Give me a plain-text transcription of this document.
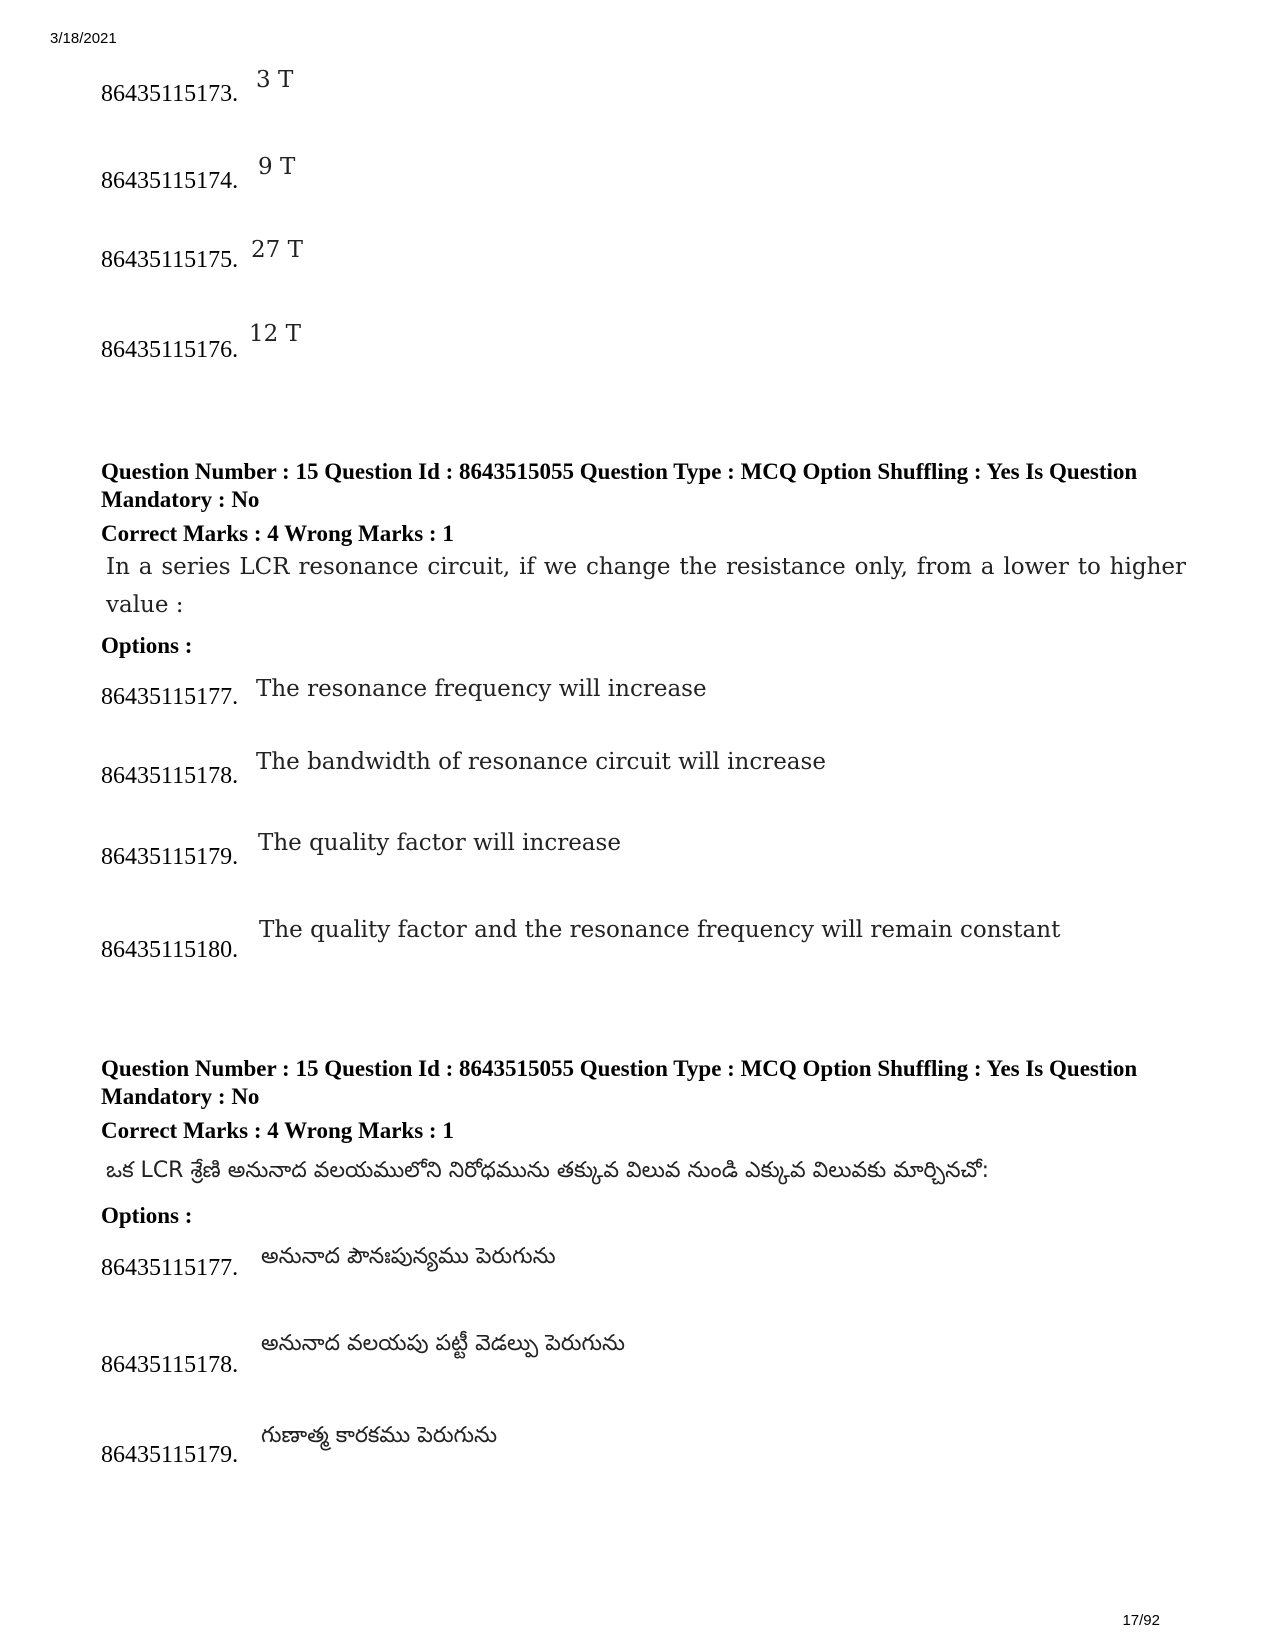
3/18/2021
86435115173.
3 T
86435115174.
9 T
86435115175. 27 T
86435115176.
12 T
Question Number : 15 Question Id : 8643515055 Question Type : MCQ Option Shuffling : Yes Is Question Mandatory : No
Correct Marks : 4 Wrong Marks : 1
In a series LCR resonance circuit, if we change the resistance only, from a lower to higher value :
Options :
86435115177. The resonance frequency will increase
86435115178.
The bandwidth of resonance circuit will increase
86435115179.
The quality factor will increase
86435115180.
The quality factor and the resonance frequency will remain constant
Question Number : 15 Question Id : 8643515055 Question Type : MCQ Option Shuffling : Yes Is Question Mandatory : No
Correct Marks : 4 Wrong Marks : 1
ఒక LCR శ్రేణి అనునాద వలయములోని నిరోధమును తక్కువ విలువ నుండి ఎక్కువ విలువకు మార్చినచో:
Options :
86435115177. అనునాద పౌనఃపున్యము పెరుగును
86435115178.
అనునాద వలయపు పట్టీ వెడల్పు పెరుగును
86435115179.
గుణాత్మ కారకము పెరుగును
17/92
